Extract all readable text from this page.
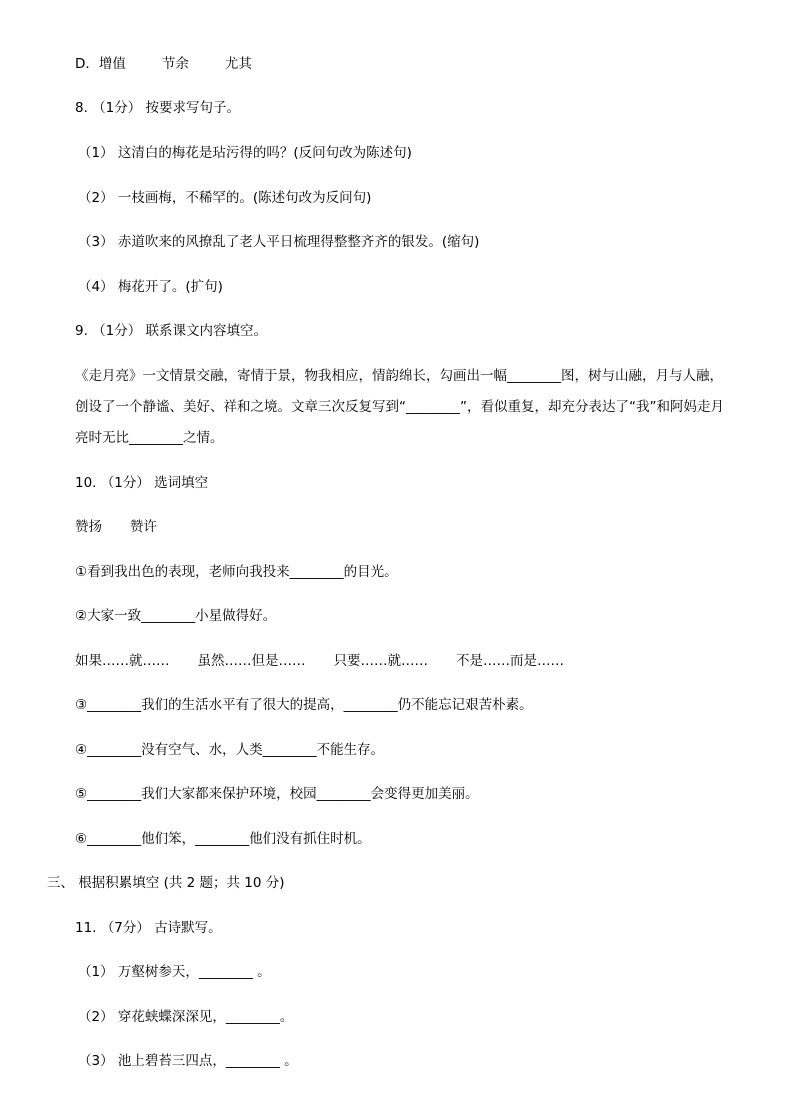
D．增值	节余	尤其
8. （1分） 按要求写句子。
（1） 这清白的梅花是玷污得的吗？(反问句改为陈述句)
（2） 一枝画梅，不稀罕的。(陈述句改为反问句)
（3） 赤道吹来的风撩乱了老人平日梳理得整整齐齐的银发。(缩句)
（4） 梅花开了。(扩句)
9. （1分） 联系课文内容填空。
《走月亮》一文情景交融，寄情于景，物我相应，情韵绵长，勾画出一幅________图，树与山融，月与人融，
创设了一个静谧、美好、祥和之境。文章三次反复写到“________”，看似重复，却充分表达了“我”和阿妈走月
亮时无比________之情。
10. （1分） 选词填空
赞扬 赞许
①看到我出色的表现，老师向我投来________的目光。
②大家一致________小星做得好。
如果……就…… 虽然……但是…… 只要……就…… 不是……而是……
③________我们的生活水平有了很大的提高，________仍不能忘记艰苦朴素。
④________没有空气、水，人类________不能生存。
⑤________我们大家都来保护环境，校园________会变得更加美丽。
⑥________他们笨，________他们没有抓住时机。
三、 根据积累填空 (共 2 题；共 10 分)
11. （7分） 古诗默写。
（1） 万壑树参天，________ 。
（2） 穿花蛱蝶深深见，________。
（3） 池上碧苔三四点，________ 。
